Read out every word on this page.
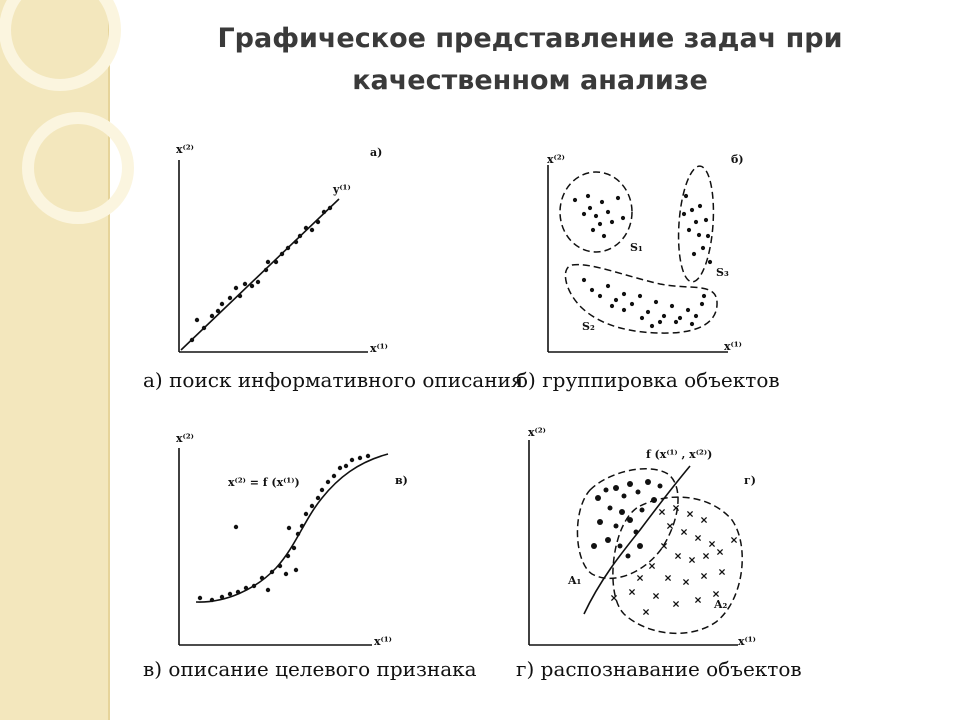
Графическое представление задач при
качественном анализе
x⁽²⁾
x⁽¹⁾
а)
y⁽¹⁾
x⁽²⁾
x⁽¹⁾
б)
S₁
S₂
S₃
x⁽²⁾
x⁽¹⁾
в)
x⁽²⁾ = f (x⁽¹⁾)
x⁽²⁾
x⁽¹⁾
г)
f (x⁽¹⁾ , x⁽²⁾)
A₁
A₂
а) поиск информативного описания
б) группировка объектов
в) описание целевого признака г) распознавание объектов
